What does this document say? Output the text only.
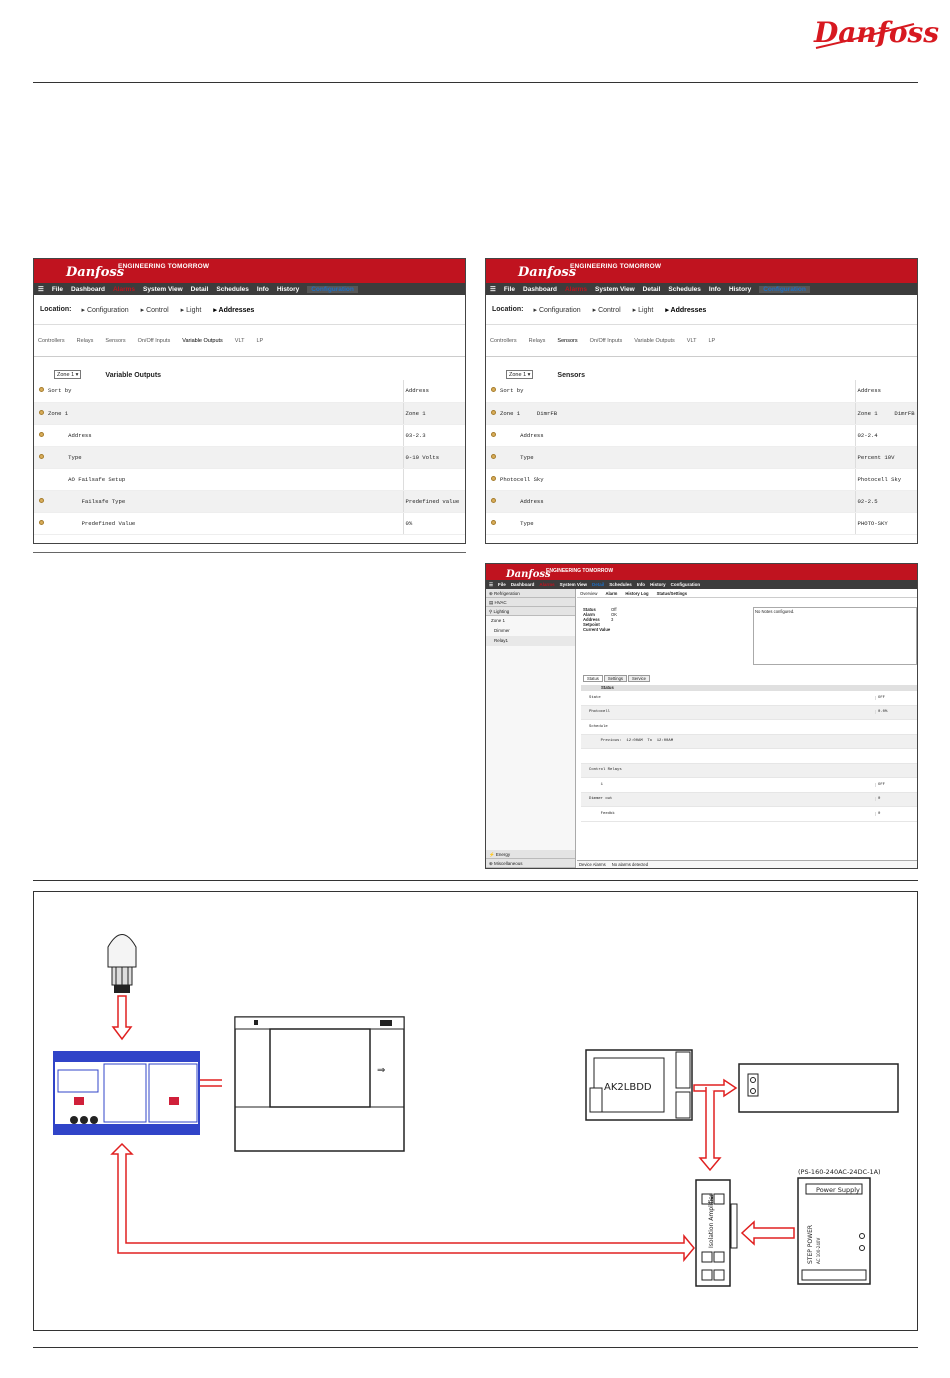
Danfoss
Danfoss
ENGINEERING TOMORROW
☰ File Dashboard Alarms System View Detail Schedules Info History	Configuration
Location: ▸ Configuration ▸ Control ▸ Light ▸ Addresses
Controllers Relays Sensors On/Off Inputs Variable Outputs VLT LP
Zone 1 ▾	Variable Outputs
	Sort by	Address
	Zone 1	Zone 1
	Address	03-2.3
	Type	0-10 Volts
	AO Failsafe Setup	
	Failsafe Type	Predefined value
	Predefined Value	0%
Danfoss
ENGINEERING TOMORROW
☰ File Dashboard Alarms System View Detail Schedules Info History	Configuration
Location: ▸ Configuration ▸ Control ▸ Light ▸ Addresses
Controllers Relays Sensors On/Off Inputs Variable Outputs VLT LP
Zone 1 ▾	Sensors
	Sort by	Address
	Zone 1     DimrFB	Zone 1     DimrFB
	Address	02-2.4
	Type	Percent 10V
	Photocell Sky	Photocell Sky
	Address	02-2.5
	Type	PHOTO-SKY
Danfoss
ENGINEERING TOMORROW
☰ File Dashboard Alarms System View Detail Schedules Info History Configuration
⊕ Refrigeration
▤ HVAC
⚲ Lighting
Zone 1
Dimmer
Relay1
⚡ Energy
⊕ Miscellaneous
Overview Alarm History Log Status/Settings
Status	Off
Alarm	OK
Address	3
Setpoint
Current Value
No Notes configured.
Status	Settings	Service
Status
State	OFF
Photocell	0.0%
Schedule
Previous:  12:00AM  To  12:00AM
Control Relays
1	OFF
Dimmer out	0
Feedbk	0
Device Alarms No alarms detected
⇒
AK2LBDD
Isolation Amplifier
(PS-160-240AC-24DC-1A)
Power Supply
STEP POWER AC 100-240V
